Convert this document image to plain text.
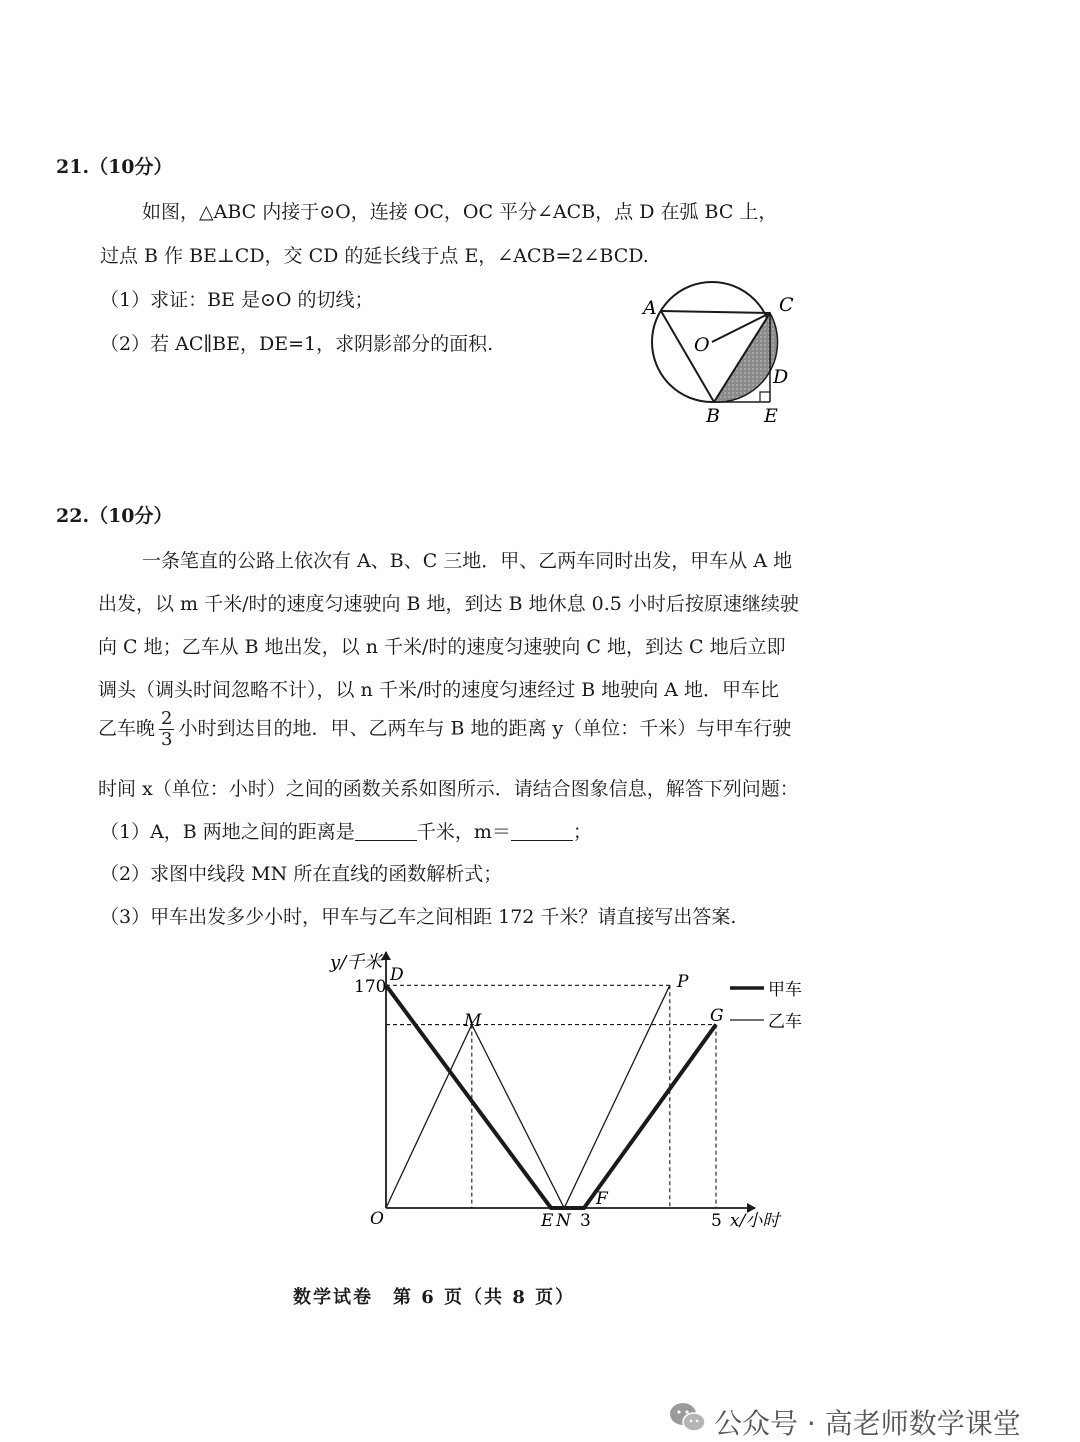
21.（10分）
如图，△ABC 内接于⊙O，连接 OC，OC 平分∠ACB，点 D 在弧 BC 上，
过点 B 作 BE⊥CD，交 CD 的延长线于点 E，∠ACB=2∠BCD.
（1）求证：BE 是⊙O 的切线；
（2）若 AC∥BE，DE=1，求阴影部分的面积.
A	C
O
D
B E
22.（10分）
一条笔直的公路上依次有 A、B、C 三地．甲、乙两车同时出发，甲车从 A 地
出发，以 m 千米/时的速度匀速驶向 B 地，到达 B 地休息 0.5 小时后按原速继续驶
向 C 地；乙车从 B 地出发，以 n 千米/时的速度匀速驶向 C 地，到达 C 地后立即
调头（调头时间忽略不计），以 n 千米/时的速度匀速经过 B 地驶向 A 地．甲车比
乙车晚 $\frac{2}{3}$ 小时到达目的地．甲、乙两车与 B 地的距离 y（单位：千米）与甲车行驶
时间 x（单位：小时）之间的函数关系如图所示．请结合图象信息，解答下列问题：
（1）A，B 两地之间的距离是	千米，m＝	；
（2）求图中线段 MN 所在直线的函数解析式；
（3）甲车出发多少小时，甲车与乙车之间相距 172 千米？请直接写出答案.
y/千米
x/小时
170
3	5
O
D
M
P
G
E N
F
甲车
乙车
数学试卷　第 6 页（共 8 页）
公众号 · 高老师数学课堂
